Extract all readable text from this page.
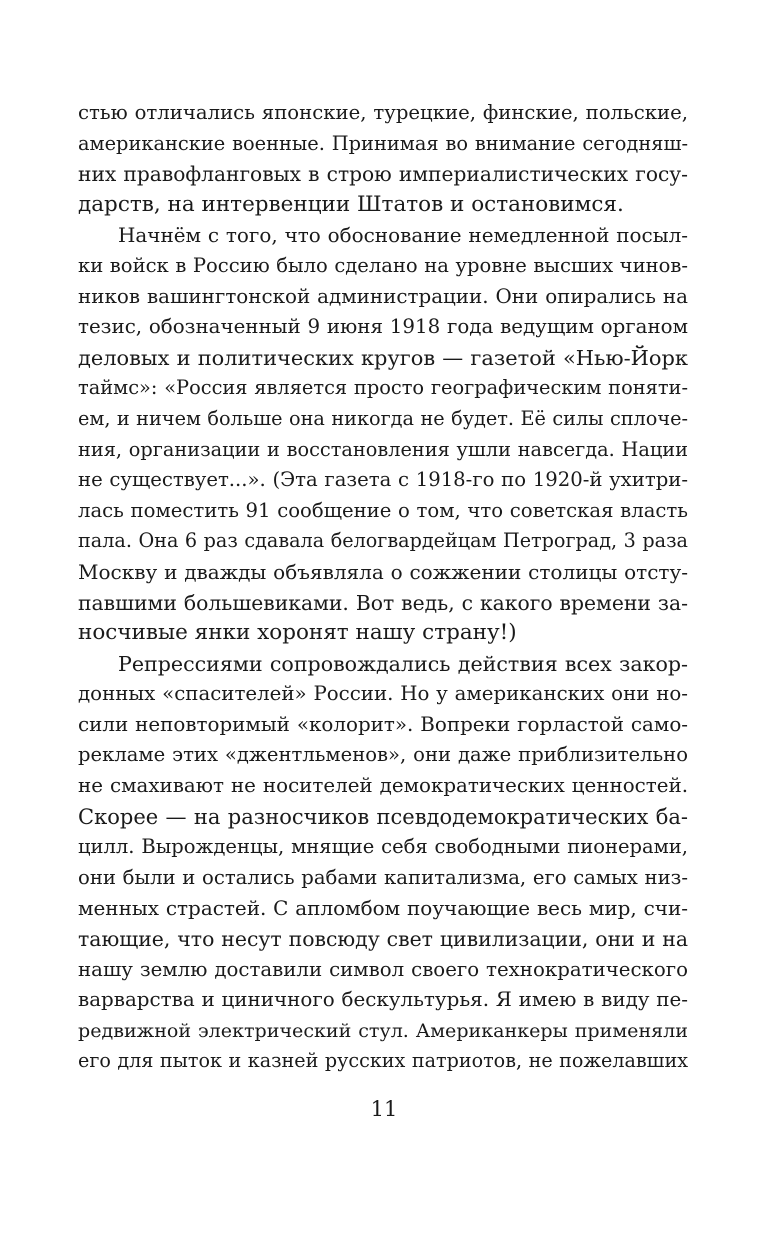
стью отличались японские, турецкие, финские, польские,
американские военные. Принимая во внимание сегодняш-
них правофланговых в строю империалистических госу-
дарств, на интервенции Штатов и остановимся.
Начнём с того, что обоснование немедленной посыл-
ки войск в Россию было сделано на уровне высших чинов-
ников вашингтонской администрации. Они опирались на
тезис, обозначенный 9 июня 1918 года ведущим органом
деловых и политических кругов — газетой «Нью-Йорк
таймс»: «Россия является просто географическим поняти-
ем, и ничем больше она никогда не будет. Её силы сплоче-
ния, организации и восстановления ушли навсегда. Нации
не существует...». (Эта газета с 1918-го по 1920-й ухитри-
лась поместить 91 сообщение о том, что советская власть
пала. Она 6 раз сдавала белогвардейцам Петроград, 3 раза
Москву и дважды объявляла о сожжении столицы отсту-
павшими большевиками. Вот ведь, с какого времени за-
носчивые янки хоронят нашу страну!)
Репрессиями сопровождались действия всех закор-
донных «спасителей» России. Но у американских они но-
сили неповторимый «колорит». Вопреки горластой само-
рекламе этих «джентльменов», они даже приблизительно
не смахивают не носителей демократических ценностей.
Скорее — на разносчиков псевдодемократических ба-
цилл. Вырожденцы, мнящие себя свободными пионерами,
они были и остались рабами капитализма, его самых низ-
менных страстей. С апломбом поучающие весь мир, счи-
тающие, что несут повсюду свет цивилизации, они и на
нашу землю доставили символ своего технократического
варварства и циничного бескультурья. Я имею в виду пе-
редвижной электрический стул. Американкеры применяли
его для пыток и казней русских патриотов, не пожелавших
11
